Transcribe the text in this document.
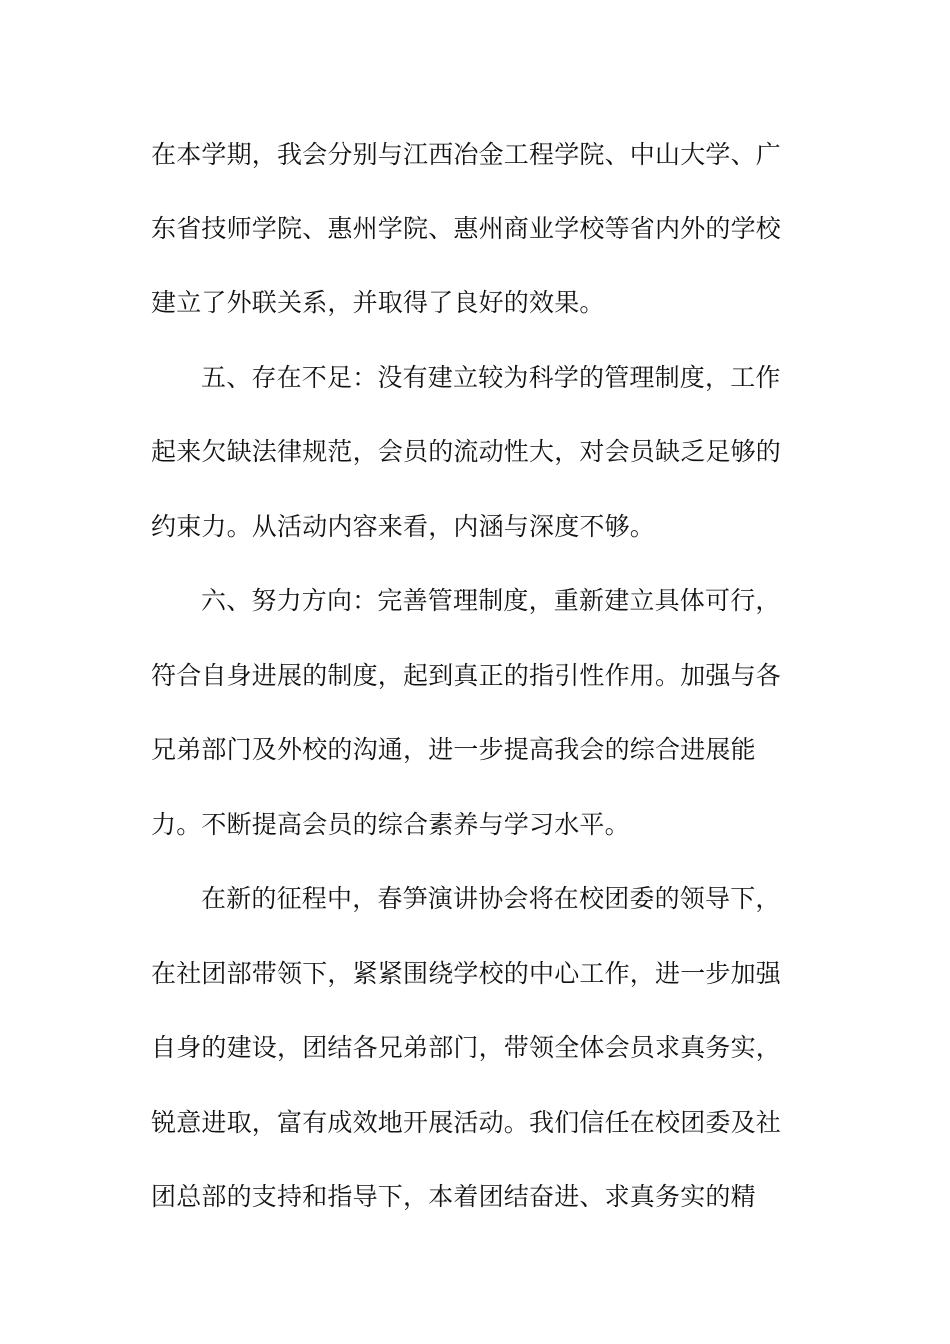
在本学期，我会分别与江西冶金工程学院、中山大学、广
东省技师学院、惠州学院、惠州商业学校等省内外的学校
建立了外联关系，并取得了良好的效果。
五、存在不足：没有建立较为科学的管理制度，工作
起来欠缺法律规范，会员的流动性大，对会员缺乏足够的
约束力。从活动内容来看，内涵与深度不够。
六、努力方向：完善管理制度，重新建立具体可行，
符合自身进展的制度，起到真正的指引性作用。加强与各
兄弟部门及外校的沟通，进一步提高我会的综合进展能
力。不断提高会员的综合素养与学习水平。
在新的征程中，春笋演讲协会将在校团委的领导下，
在社团部带领下，紧紧围绕学校的中心工作，进一步加强
自身的建设，团结各兄弟部门，带领全体会员求真务实，
锐意进取，富有成效地开展活动。我们信任在校团委及社
团总部的支持和指导下，本着团结奋进、求真务实的精
